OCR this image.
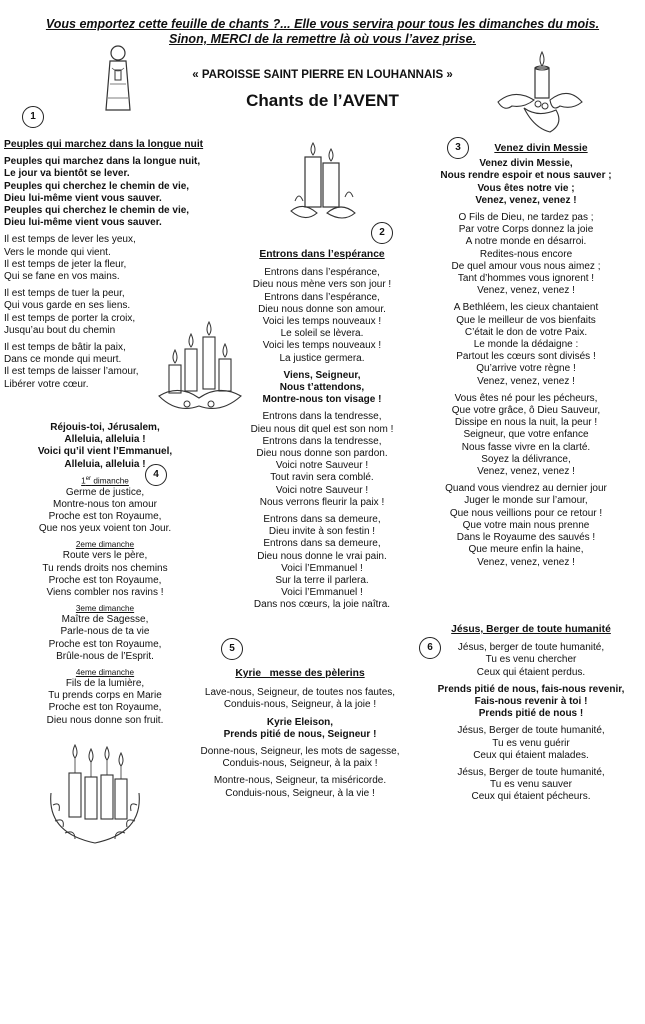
Vous emportez cette feuille de chants ?... Elle vous servira pour tous les dimanches du mois.
Sinon, MERCI de la remettre là où vous l’avez prise.
« PAROISSE SAINT PIERRE EN LOUHANNAIS »
Chants de l’AVENT
1
2
3
4
5	6

Peuples qui marchez dans la longue nuit

Peuples qui marchez dans la longue nuit,

Le jour va bientôt se lever.

Peuples qui cherchez le chemin de vie,

Dieu lui-même vient vous sauver.

Peuples qui cherchez le chemin de vie,

Dieu lui-même vient vous sauver.

Il est temps de lever les yeux,

Vers le monde qui vient.

Il est temps de jeter la fleur,

Qui se fane en vos mains.

Il est temps de tuer la peur,

Qui vous garde en ses liens.

Il est temps de porter la croix,

Jusqu’au bout du chemin

Il est temps de bâtir la paix,

Dans ce monde qui meurt.

Il est temps de laisser l’amour,

Libérer votre cœur.

Réjouis-toi, Jérusalem,

Alleluia, alleluia !

Voici qu’il vient l’Emmanuel,

Alleluia, alleluia !

1er dimanche

Germe de justice,

Montre-nous ton amour

Proche est ton Royaume,

Que nos yeux voient ton Jour.

2eme dimanche

Route vers le père,

Tu rends droits nos chemins

Proche est ton Royaume,

Viens combler nos ravins !

3eme dimanche

Maître de Sagesse,

Parle-nous de ta vie

Proche est ton Royaume,

Brûle-nous de l’Esprit.

4eme dimanche

Fils de la lumière,

Tu prends corps en Marie

Proche est ton Royaume,

Dieu nous donne son fruit.

Entrons dans l’espérance

Entrons dans l’espérance,

Dieu nous mène vers son jour !

Entrons dans l’espérance,

Dieu nous donne son amour.

Voici les temps nouveaux !

Le soleil se lèvera.

Voici les temps nouveaux !

La justice germera.

Viens, Seigneur,

Nous t’attendons,

Montre-nous ton visage !

Entrons dans la tendresse,

Dieu nous dit quel est son nom !

Entrons dans la tendresse,

Dieu nous donne son pardon.

Voici notre Sauveur !

Tout ravin sera comblé.

Voici notre Sauveur !

Nous verrons fleurir la paix !

Entrons dans sa demeure,

Dieu invite à son festin !

Entrons dans sa demeure,

Dieu nous donne le vrai pain.

Voici l’Emmanuel !

Sur la terre il parlera.

Voici l’Emmanuel !

Dans nos cœurs, la joie naîtra.

Venez divin Messie

Venez divin Messie,

Nous rendre espoir et nous sauver ;

Vous êtes notre vie ;

Venez, venez, venez !

O Fils de Dieu, ne tardez pas ;

Par votre Corps donnez la joie

A notre monde en désarroi.

Redites-nous encore

De quel amour vous nous aimez ;

Tant d’hommes vous ignorent !

Venez, venez, venez !

A Bethléem, les cieux chantaient

Que le meilleur de vos bienfaits

C’était le don de votre Paix.

Le monde la dédaigne :

Partout les cœurs sont divisés !

Qu’arrive votre règne !

Venez, venez, venez !

Vous êtes né pour les pécheurs,

Que votre grâce, ô Dieu Sauveur,

Dissipe en nous la nuit, la peur !

Seigneur, que votre enfance

Nous fasse vivre en la clarté.

Soyez la délivrance,

Venez, venez, venez !

Quand vous viendrez au dernier jour

Juger le monde sur l’amour,

Que nous veillions pour ce retour !

Que votre main nous prenne

Dans le Royaume des sauvés !

Que meure enfin la haine,

Venez, venez, venez !

Kyrie   messe des pèlerins

Lave-nous, Seigneur, de toutes nos fautes,

Conduis-nous, Seigneur, à la joie !

Kyrie Eleison,

Prends pitié de nous, Seigneur !

Donne-nous, Seigneur, les mots de sagesse,

Conduis-nous, Seigneur, à la paix !

Montre-nous, Seigneur, ta miséricorde.

Conduis-nous, Seigneur, à la vie !

Jésus, Berger de toute humanité

Jésus, berger de toute humanité,

Tu es venu chercher

Ceux qui étaient perdus.

Prends pitié de nous, fais-nous revenir,

Fais-nous revenir à toi !

Prends pitié de nous !

Jésus, Berger de toute humanité,

Tu es venu guérir

Ceux qui étaient malades.

Jésus, Berger de toute humanité,

Tu es venu sauver

Ceux qui étaient pécheurs.
